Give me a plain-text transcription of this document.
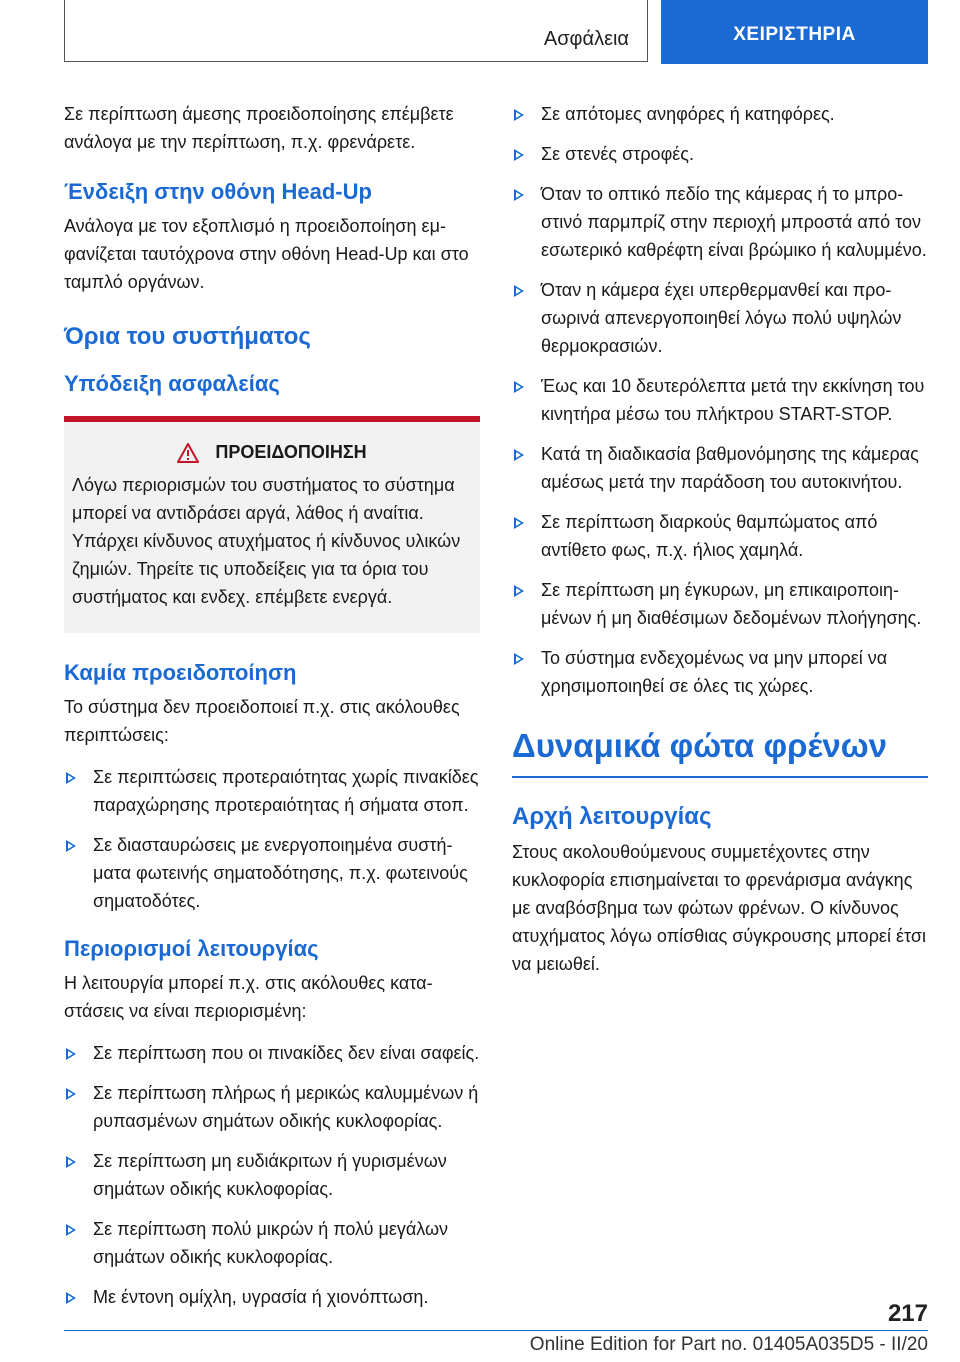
Ασφάλεια	ΧΕΙΡΙΣΤΗΡΙΑ

Σε περίπτωση άμεσης προειδοποίησης επέμβετε ανάλογα με την περίπτωση, π.χ. φρενάρετε.

Ένδειξη στην οθόνη Head-Up

Ανάλογα με τον εξοπλισμό η προειδοποίηση εμφανίζεται ταυτόχρονα στην οθόνη Head-Up και στο ταμπλό οργάνων.

Όρια του συστήματος
Υπόδειξη ασφαλείας
ΠΡΟΕΙΔΟΠΟΙΗΣΗ

Λόγω περιορισμών του συστήματος το σύστημα μπορεί να αντιδράσει αργά, λάθος ή αναίτια. Υπάρχει κίνδυνος ατυχήματος ή κίνδυνος υλικών ζημιών. Τηρείτε τις υποδείξεις για τα όρια του συστήματος και ενδεχ. επέμβετε ενεργά.

Καμία προειδοποίηση

Το σύστημα δεν προειδοποιεί π.χ. στις ακόλουθες περιπτώσεις:

Σε περιπτώσεις προτεραιότητας χωρίς πινακίδες παραχώρησης προτεραιότητας ή σήματα στοπ.
Σε διασταυρώσεις με ενεργοποιημένα συστήματα φωτεινής σηματοδότησης, π.χ. φωτεινούς σηματοδότες.
Περιορισμοί λειτουργίας

Η λειτουργία μπορεί π.χ. στις ακόλουθες καταστάσεις να είναι περιορισμένη:

Σε περίπτωση που οι πινακίδες δεν είναι σαφείς.
Σε περίπτωση πλήρως ή μερικώς καλυμμένων ή ρυπασμένων σημάτων οδικής κυκλοφορίας.
Σε περίπτωση μη ευδιάκριτων ή γυρισμένων σημάτων οδικής κυκλοφορίας.
Σε περίπτωση πολύ μικρών ή πολύ μεγάλων σημάτων οδικής κυκλοφορίας.
Με έντονη ομίχλη, υγρασία ή χιονόπτωση.
Σε απότομες ανηφόρες ή κατηφόρες.
Σε στενές στροφές.
Όταν το οπτικό πεδίο της κάμερας ή το μπροστινό παρμπρίζ στην περιοχή μπροστά από τον εσωτερικό καθρέφτη είναι βρώμικο ή καλυμμένο.
Όταν η κάμερα έχει υπερθερμανθεί και προσωρινά απενεργοποιηθεί λόγω πολύ υψηλών θερμοκρασιών.
Έως και 10 δευτερόλεπτα μετά την εκκίνηση του κινητήρα μέσω του πλήκτρου START-STOP.
Κατά τη διαδικασία βαθμονόμησης της κάμερας αμέσως μετά την παράδοση του αυτοκινήτου.
Σε περίπτωση διαρκούς θαμπώματος από αντίθετο φως, π.χ. ήλιος χαμηλά.
Σε περίπτωση μη έγκυρων, μη επικαιροποιημένων ή μη διαθέσιμων δεδομένων πλοήγησης.
Το σύστημα ενδεχομένως να μην μπορεί να χρησιμοποιηθεί σε όλες τις χώρες.
Δυναμικά φώτα φρένων
Αρχή λειτουργίας

Στους ακολουθούμενους συμμετέχοντες στην κυκλοφορία επισημαίνεται το φρενάρισμα ανάγκης με αναβόσβημα των φώτων φρένων. Ο κίνδυνος ατυχήματος λόγω οπίσθιας σύγκρουσης μπορεί έτσι να μειωθεί.

217
Online Edition for Part no. 01405A035D5 - II/20
